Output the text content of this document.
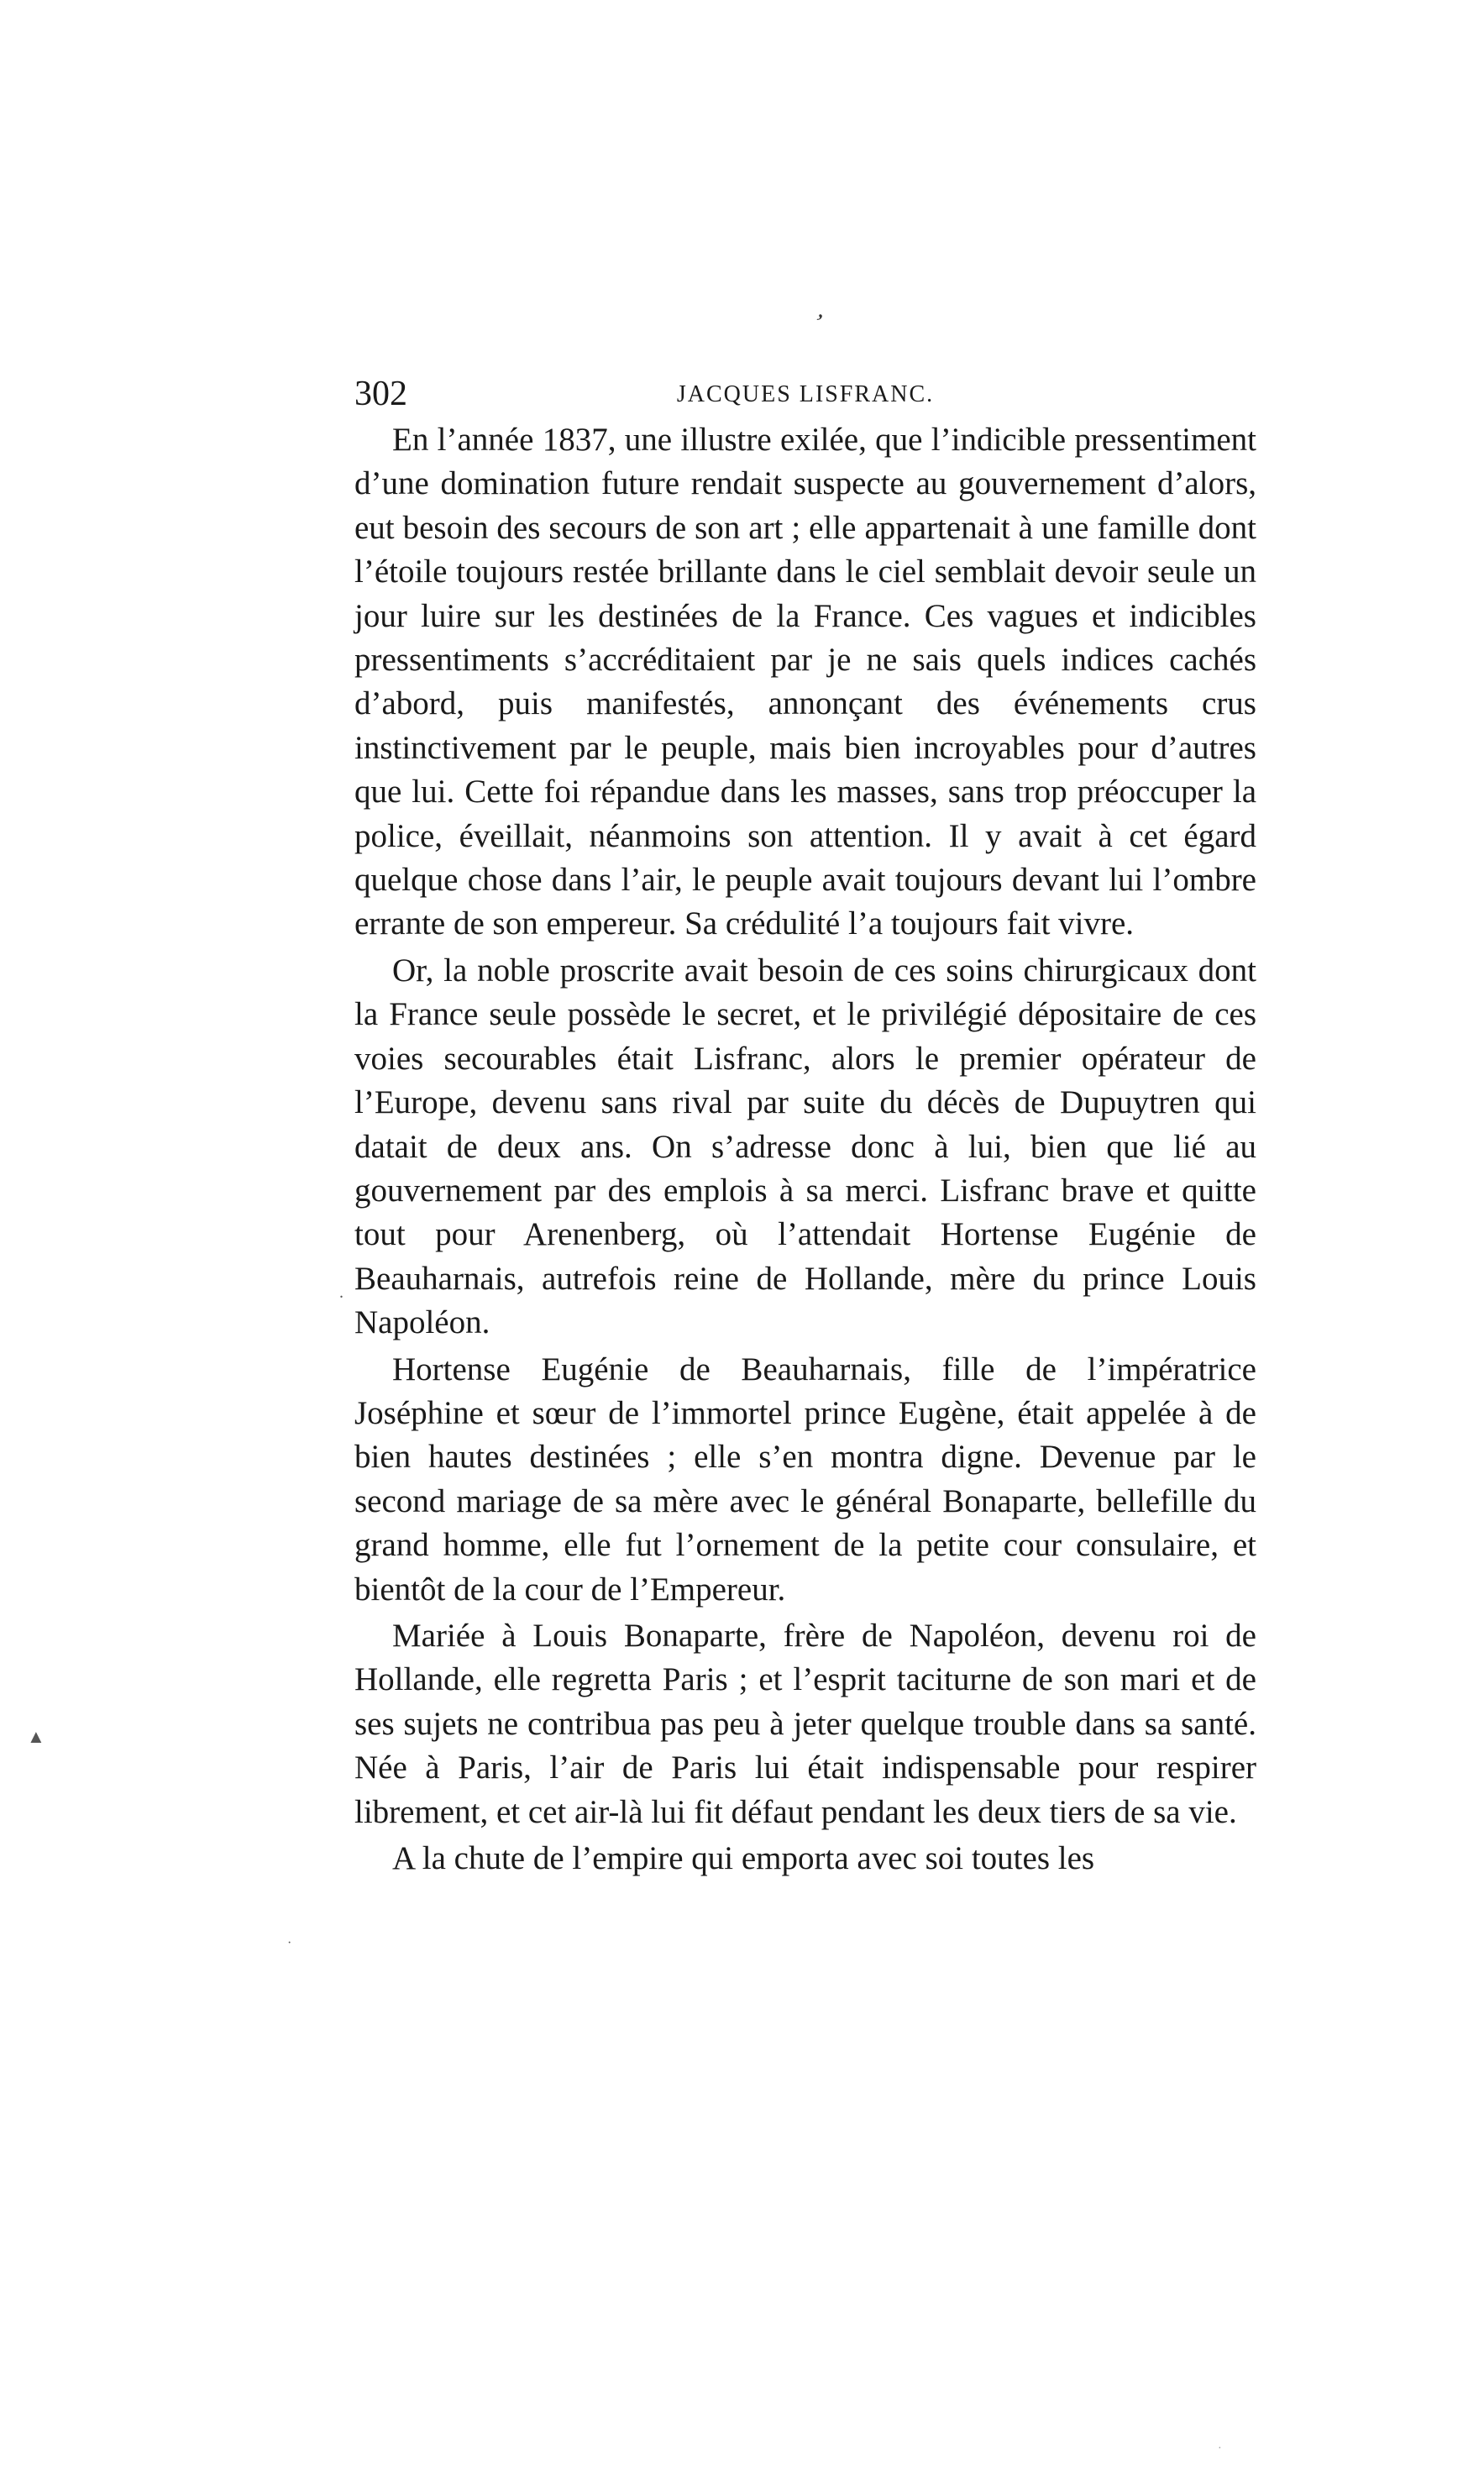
,
302	JACQUES LISFRANC.

En l’année 1837, une illustre exilée, que l’indicible pressentiment d’une domination future rendait suspecte au gouvernement d’alors, eut besoin des secours de son art ; elle appartenait à une famille dont l’étoile toujours restée brillante dans le ciel semblait devoir seule un jour luire sur les destinées de la France. Ces vagues et indicibles pressentiments s’accréditaient par je ne sais quels indices cachés d’abord, puis manifestés, annonçant des événements crus instinctivement par le peuple, mais bien incroyables pour d’autres que lui. Cette foi répandue dans les masses, sans trop préoccuper la police, éveillait, néanmoins son attention. Il y avait à cet égard quelque chose dans l’air, le peuple avait toujours devant lui l’ombre errante de son empereur. Sa crédulité l’a toujours fait vivre.

Or, la noble proscrite avait besoin de ces soins chirurgicaux dont la France seule possède le secret, et le privilégié dépositaire de ces voies secourables était Lisfranc, alors le premier opérateur de l’Europe, devenu sans rival par suite du décès de Dupuytren qui datait de deux ans. On s’adresse donc à lui, bien que lié au gouvernement par des emplois à sa merci. Lisfranc brave et quitte tout pour Arenenberg, où l’attendait Hortense Eugénie de Beauharnais, autrefois reine de Hollande, mère du prince Louis Napoléon.

Hortense Eugénie de Beauharnais, fille de l’impératrice Joséphine et sœur de l’immortel prince Eugène, était appelée à de bien hautes destinées ; elle s’en montra digne. Devenue par le second mariage de sa mère avec le général Bonaparte, bellefille du grand homme, elle fut l’ornement de la petite cour consulaire, et bientôt de la cour de l’Empereur.

Mariée à Louis Bonaparte, frère de Napoléon, devenu roi de Hollande, elle regretta Paris ; et l’esprit taciturne de son mari et de ses sujets ne contribua pas peu à jeter quelque trouble dans sa santé. Née à Paris, l’air de Paris lui était indispensable pour respirer librement, et cet air-là lui fit défaut pendant les deux tiers de sa vie.

A la chute de l’empire qui emporta avec soi toutes les

▲
.
·
·
